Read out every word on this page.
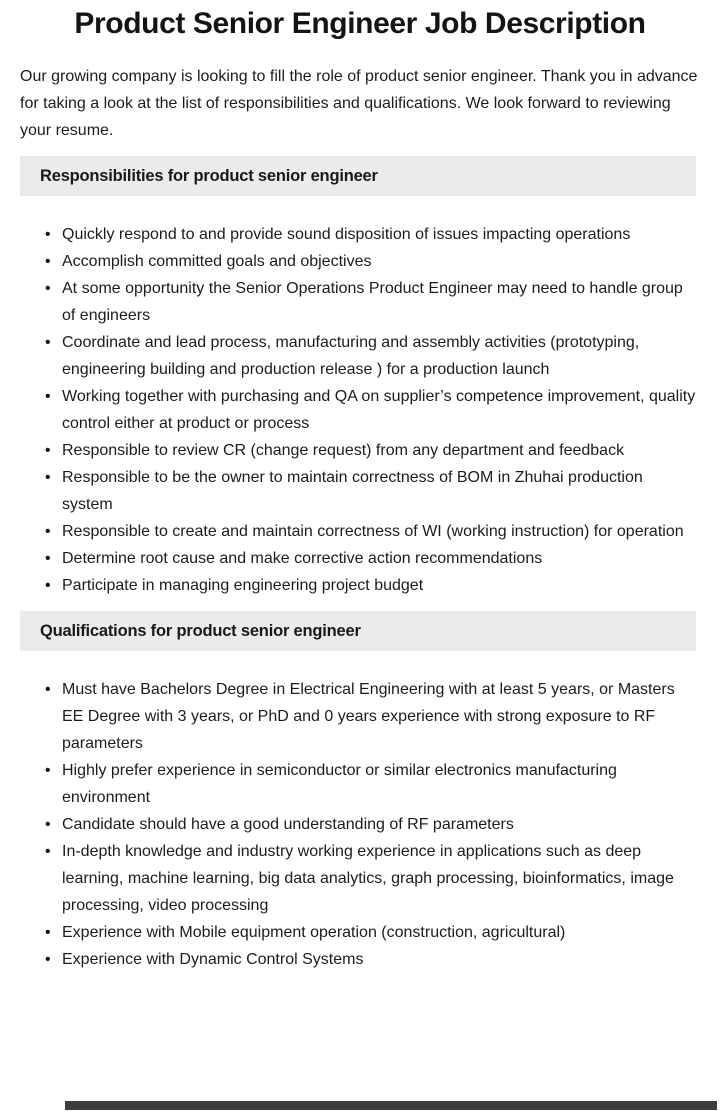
Product Senior Engineer Job Description

Our growing company is looking to fill the role of product senior engineer. Thank you in advance for taking a look at the list of responsibilities and qualifications. We look forward to reviewing your resume.

Responsibilities for product senior engineer
• Quickly respond to and provide sound disposition of issues impacting operations
• Accomplish committed goals and objectives
• At some opportunity the Senior Operations Product Engineer may need to handle group of engineers
• Coordinate and lead process, manufacturing and assembly activities (prototyping, engineering building and production release ) for a production launch
• Working together with purchasing and QA on supplier’s competence improvement, quality control either at product or process
• Responsible to review CR (change request) from any department and feedback
• Responsible to be the owner to maintain correctness of BOM in Zhuhai production system
• Responsible to create and maintain correctness of WI (working instruction) for operation
• Determine root cause and make corrective action recommendations
• Participate in managing engineering project budget
Qualifications for product senior engineer
• Must have Bachelors Degree in Electrical Engineering with at least 5 years, or Masters EE Degree with 3 years, or PhD and 0 years experience with strong exposure to RF parameters
• Highly prefer experience in semiconductor or similar electronics manufacturing environment
• Candidate should have a good understanding of RF parameters
• In-depth knowledge and industry working experience in applications such as deep learning, machine learning, big data analytics, graph processing, bioinformatics, image processing, video processing
• Experience with Mobile equipment operation (construction, agricultural)
• Experience with Dynamic Control Systems
